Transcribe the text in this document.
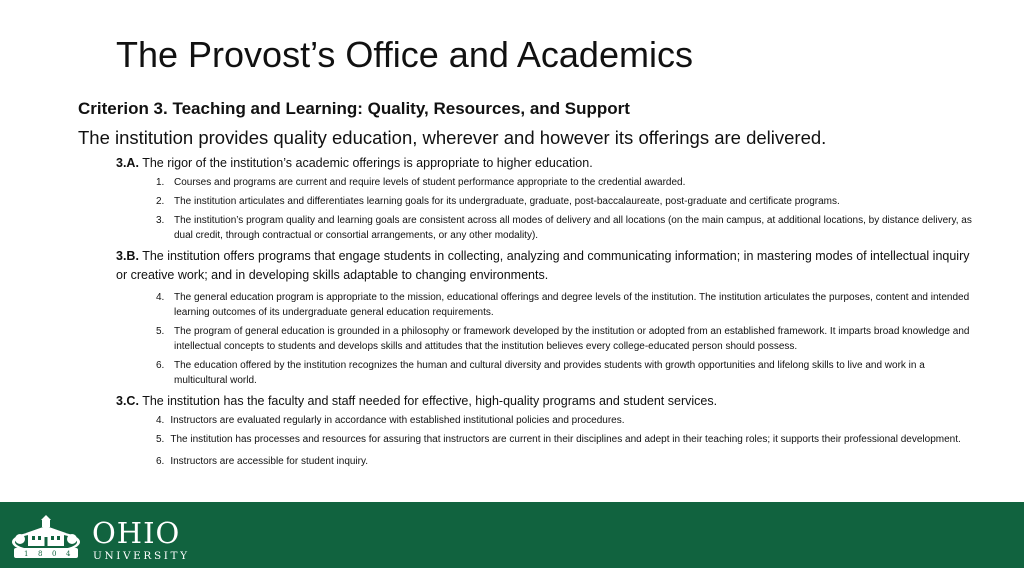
The Provost’s Office and Academics
Criterion 3. Teaching and Learning: Quality, Resources, and Support

The institution provides quality education, wherever and however its offerings are delivered.

3.A. The rigor of the institution’s academic offerings is appropriate to higher education.

1. Courses and programs are current and require levels of student performance appropriate to the credential awarded.
2. The institution articulates and differentiates learning goals for its undergraduate, graduate, post-baccalaureate, post-graduate and certificate programs.
3. The institution’s program quality and learning goals are consistent across all modes of delivery and all locations (on the main campus, at additional locations, by distance delivery, as dual credit, through contractual or consortial arrangements, or any other modality).

3.B. The institution offers programs that engage students in collecting, analyzing and communicating information; in mastering modes of intellectual inquiry or creative work; and in developing skills adaptable to changing environments.

4. The general education program is appropriate to the mission, educational offerings and degree levels of the institution. The institution articulates the purposes, content and intended learning outcomes of its undergraduate general education requirements.
5. The program of general education is grounded in a philosophy or framework developed by the institution or adopted from an established framework. It imparts broad knowledge and intellectual concepts to students and develops skills and attitudes that the institution believes every college-educated person should possess.
6. The education offered by the institution recognizes the human and cultural diversity and provides students with growth opportunities and lifelong skills to live and work in a multicultural world.

3.C. The institution has the faculty and staff needed for effective, high-quality programs and student services.

4. Instructors are evaluated regularly in accordance with established institutional policies and procedures.
5. The institution has processes and resources for assuring that instructors are current in their disciplines and adept in their teaching roles; it supports their professional development.
6. Instructors are accessible for student inquiry.
1 8 0 4
OHIO
UNIVERSITY
